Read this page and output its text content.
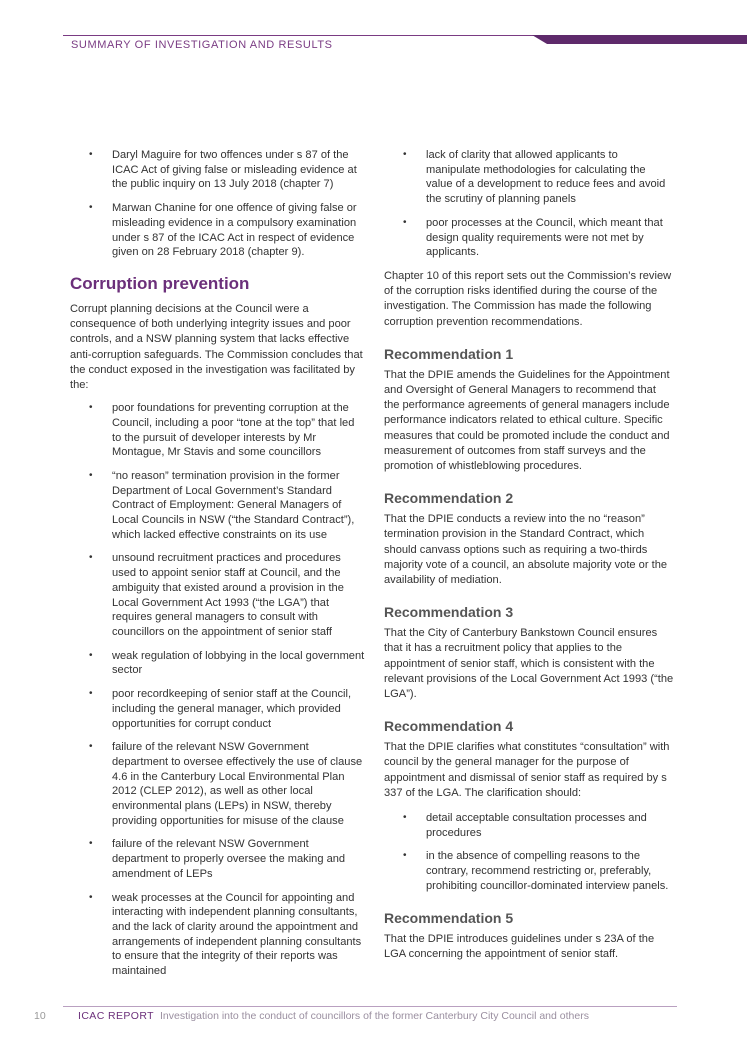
SUMMARY OF INVESTIGATION AND RESULTS
• Daryl Maguire for two offences under s 87 of the ICAC Act of giving false or misleading evidence at the public inquiry on 13 July 2018 (chapter 7)
• Marwan Chanine for one offence of giving false or misleading evidence in a compulsory examination under s 87 of the ICAC Act in respect of evidence given on 28 February 2018 (chapter 9).
Corruption prevention

Corrupt planning decisions at the Council were a consequence of both underlying integrity issues and poor controls, and a NSW planning system that lacks effective anti-corruption safeguards. The Commission concludes that the conduct exposed in the investigation was facilitated by the:

• poor foundations for preventing corruption at the Council, including a poor “tone at the top” that led to the pursuit of developer interests by Mr Montague, Mr Stavis and some councillors
• “no reason” termination provision in the former Department of Local Government’s Standard Contract of Employment: General Managers of Local Councils in NSW (“the Standard Contract”), which lacked effective constraints on its use
• unsound recruitment practices and procedures used to appoint senior staff at Council, and the ambiguity that existed around a provision in the Local Government Act 1993 (“the LGA”) that requires general managers to consult with councillors on the appointment of senior staff
• weak regulation of lobbying in the local government sector
• poor recordkeeping of senior staff at the Council, including the general manager, which provided opportunities for corrupt conduct
• failure of the relevant NSW Government department to oversee effectively the use of clause 4.6 in the Canterbury Local Environmental Plan 2012 (CLEP 2012), as well as other local environmental plans (LEPs) in NSW, thereby providing opportunities for misuse of the clause
• failure of the relevant NSW Government department to properly oversee the making and amendment of LEPs
• weak processes at the Council for appointing and interacting with independent planning consultants, and the lack of clarity around the appointment and arrangements of independent planning consultants to ensure that the integrity of their reports was maintained
• lack of clarity that allowed applicants to manipulate methodologies for calculating the value of a development to reduce fees and avoid the scrutiny of planning panels
• poor processes at the Council, which meant that design quality requirements were not met by applicants.

Chapter 10 of this report sets out the Commission’s review of the corruption risks identified during the course of the investigation. The Commission has made the following corruption prevention recommendations.

Recommendation 1

That the DPIE amends the Guidelines for the Appointment and Oversight of General Managers to recommend that the performance agreements of general managers include performance indicators related to ethical culture. Specific measures that could be promoted include the conduct and measurement of outcomes from staff surveys and the promotion of whistleblowing procedures.

Recommendation 2

That the DPIE conducts a review into the no “reason” termination provision in the Standard Contract, which should canvass options such as requiring a two-thirds majority vote of a council, an absolute majority vote or the availability of mediation.

Recommendation 3

That the City of Canterbury Bankstown Council ensures that it has a recruitment policy that applies to the appointment of senior staff, which is consistent with the relevant provisions of the Local Government Act 1993 (“the LGA”).

Recommendation 4

That the DPIE clarifies what constitutes “consultation” with council by the general manager for the purpose of appointment and dismissal of senior staff as required by s 337 of the LGA. The clarification should:

• detail acceptable consultation processes and procedures
• in the absence of compelling reasons to the contrary, recommend restricting or, preferably, prohibiting councillor-dominated interview panels.
Recommendation 5

That the DPIE introduces guidelines under s 23A of the LGA concerning the appointment of senior staff.

10	ICAC REPORT Investigation into the conduct of councillors of the former Canterbury City Council and others
